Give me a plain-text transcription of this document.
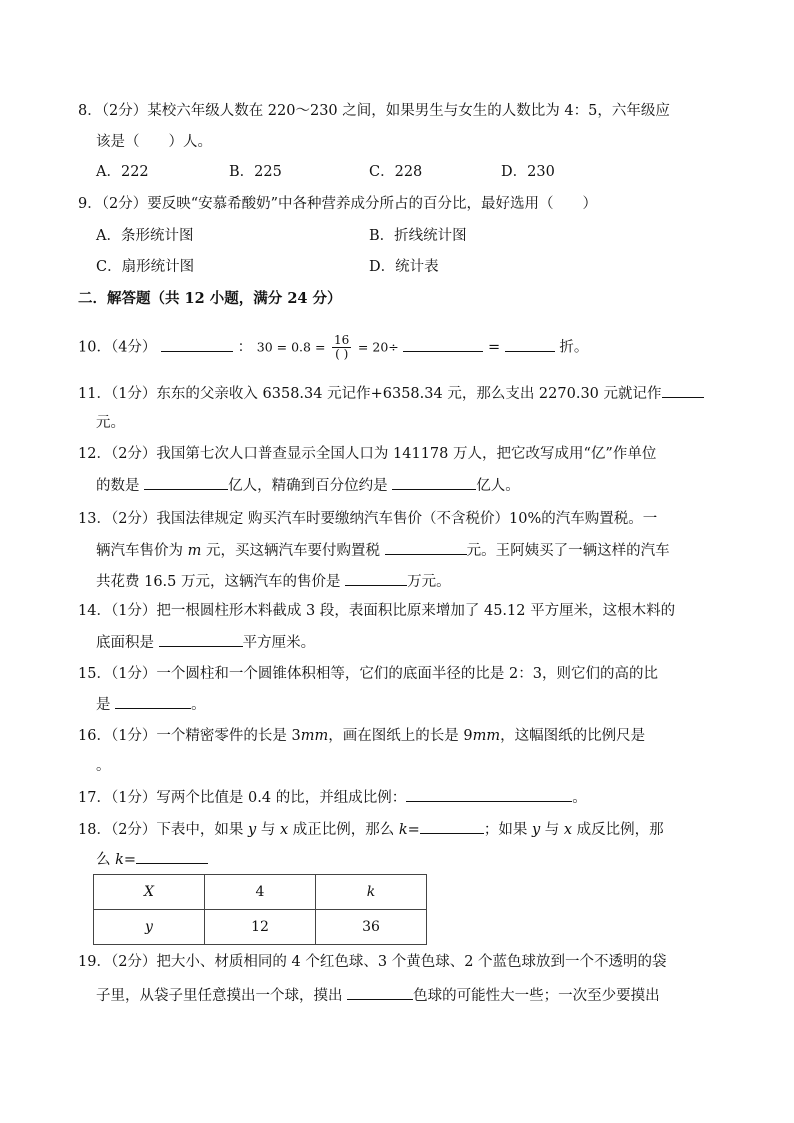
8．（2分）某校六年级人数在 220～230 之间，如果男生与女生的人数比为 4：5，六年级应
该是（　　）人。
A．222	B．225	C．228	D．230
9．（2分）要反映“安慕希酸奶”中各种营养成分所占的百分比，最好选用（　　）
A．条形统计图	B．折线统计图
C．扇形统计图	D．统计表
二．解答题（共 12 小题，满分 24 分）
10．（4分）	： $30 = 0.8 = \frac{16}{( )} = 20\div$	=	折。
11．（1分）东东的父亲收入 6358.34 元记作+6358.34 元，那么支出 2270.30 元就记作
元。
12．（2分）我国第七次人口普查显示全国人口为 141178 万人，把它改写成用“亿”作单位
的数是	亿人，精确到百分位约是	亿人。
13．（2分）我国法律规定 购买汽车时要缴纳汽车售价（不含税价）10%的汽车购置税。一
辆汽车售价为 m 元，买这辆汽车要付购置税	元。王阿姨买了一辆这样的汽车
共花费 16.5 万元，这辆汽车的售价是	万元。
14．（1分）把一根圆柱形木料截成 3 段，表面积比原来增加了 45.12 平方厘米，这根木料的
底面积是	平方厘米。
15．（1分）一个圆柱和一个圆锥体积相等，它们的底面半径的比是 2：3，则它们的高的比
是	。
16．（1分）一个精密零件的长是 3mm，画在图纸上的长是 9mm，这幅图纸的比例尺是
。
17．（1分）写两个比值是 0.4 的比，并组成比例：	。
18．（2分）下表中，如果 y 与 x 成正比例，那么 k=	；如果 y 与 x 成反比例，那
么 k=
X	4	k
y	12	36
19．（2分）把大小、材质相同的 4 个红色球、3 个黄色球、2 个蓝色球放到一个不透明的袋
子里，从袋子里任意摸出一个球，摸出	色球的可能性大一些；一次至少要摸出
